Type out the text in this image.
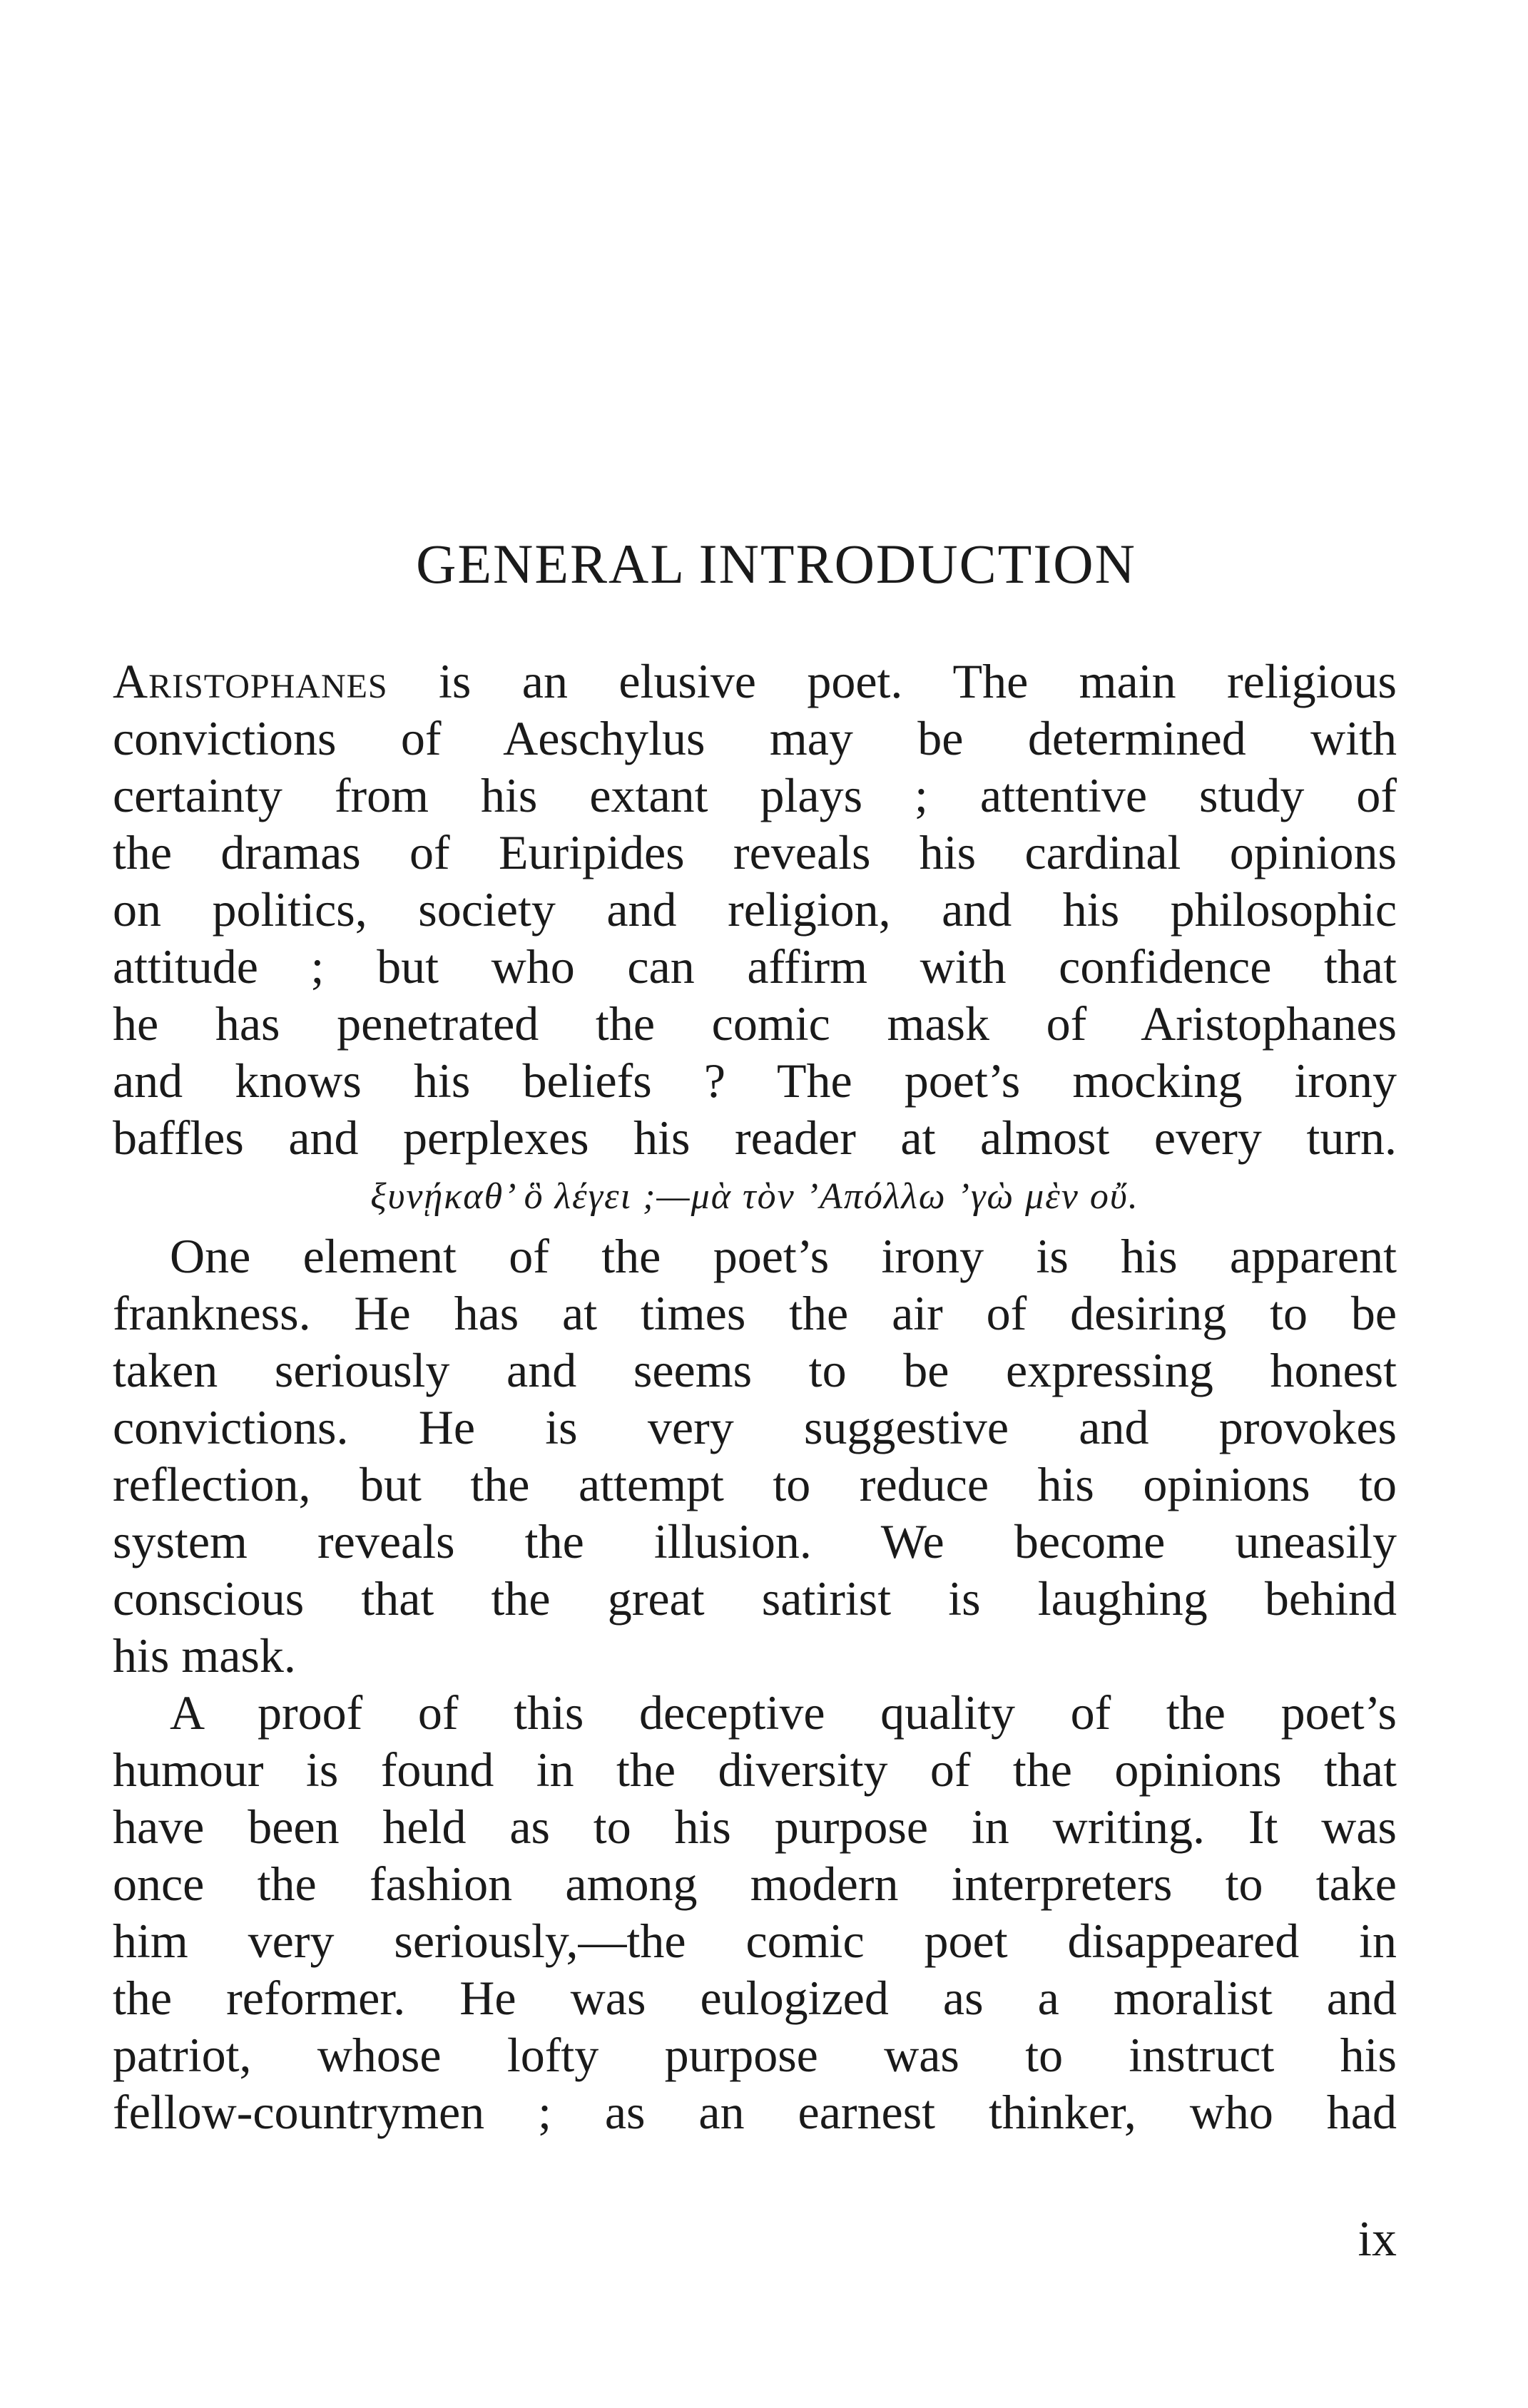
GENERAL INTRODUCTION
Aristophanes is an elusive poet. The main religious
convictions of Aeschylus may be determined with
certainty from his extant plays ; attentive study of
the dramas of Euripides reveals his cardinal opinions
on politics, society and religion, and his philosophic
attitude ; but who can affirm with confidence that
he has penetrated the comic mask of Aristophanes
and knows his beliefs ? The poet’s mocking irony
baffles and perplexes his reader at almost every turn.
ξυνῄκαθ’ ὃ λέγει ;—μὰ τὸν ’Απόλλω ’γὼ μὲν οὔ.
One element of the poet’s irony is his apparent
frankness. He has at times the air of desiring to be
taken seriously and seems to be expressing honest
convictions. He is very suggestive and provokes
reflection, but the attempt to reduce his opinions to
system reveals the illusion. We become uneasily
conscious that the great satirist is laughing behind
his mask.
A proof of this deceptive quality of the poet’s
humour is found in the diversity of the opinions that
have been held as to his purpose in writing. It was
once the fashion among modern interpreters to take
him very seriously,—the comic poet disappeared in
the reformer. He was eulogized as a moralist and
patriot, whose lofty purpose was to instruct his
fellow-countrymen ; as an earnest thinker, who had
ix
